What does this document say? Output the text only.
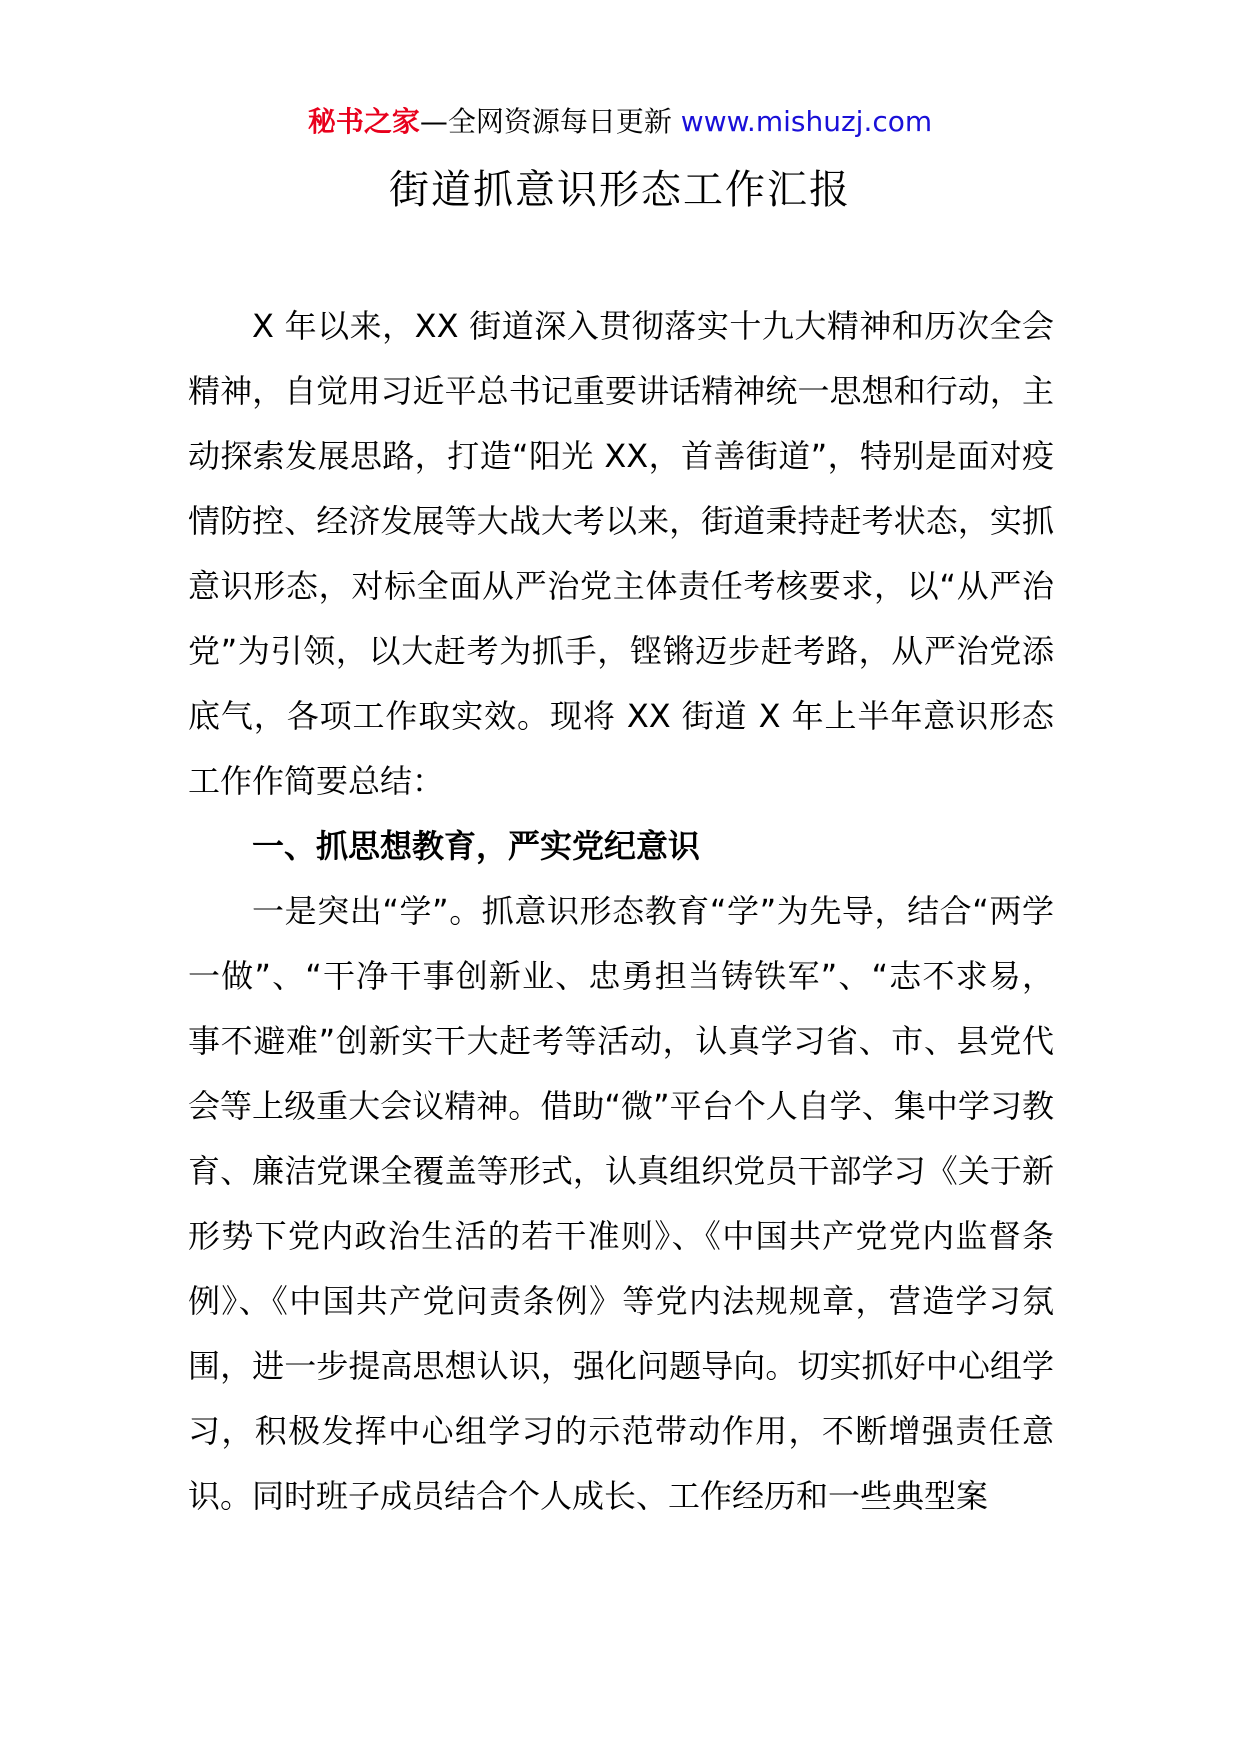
秘书之家—全网资源每日更新 www.mishuzj.com
街道抓意识形态工作汇报

X 年以来，XX 街道深入贯彻落实十九大精神和历次全会精神，自觉用习近平总书记重要讲话精神统一思想和行动，主动探索发展思路，打造“阳光 XX，首善街道”，特别是面对疫情防控、经济发展等大战大考以来，街道秉持赶考状态，实抓意识形态，对标全面从严治党主体责任考核要求，以“从严治党”为引领，以大赶考为抓手，铿锵迈步赶考路，从严治党添底气，各项工作取实效。现将 XX 街道 X 年上半年意识形态工作作简要总结：

一、抓思想教育，严实党纪意识

一是突出“学”。抓意识形态教育“学”为先导，结合“两学一做”、“干净干事创新业、忠勇担当铸铁军”、“志不求易，事不避难”创新实干大赶考等活动，认真学习省、市、县党代会等上级重大会议精神。借助“微”平台个人自学、集中学习教育、廉洁党课全覆盖等形式，认真组织党员干部学习《关于新形势下党内政治生活的若干准则》、《中国共产党党内监督条例》、《中国共产党问责条例》等党内法规规章，营造学习氛围，进一步提高思想认识，强化问题导向。切实抓好中心组学习，积极发挥中心组学习的示范带动作用，不断增强责任意识。同时班子成员结合个人成长、工作经历和一些典型案
